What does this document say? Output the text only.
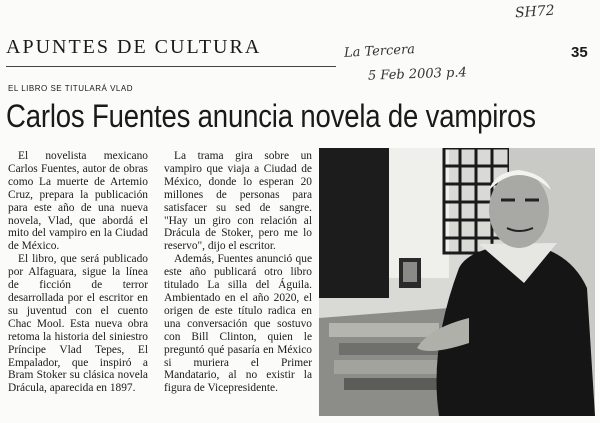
APUNTES DE CULTURA
SH72
La Tercera
5 Feb 2003 p.4
35
EL LIBRO SE TITULARÁ VLAD
Carlos Fuentes anuncia novela de vampiros

El novelista mexicano Carlos Fuentes, autor de obras como La muerte de Artemio Cruz, prepara la publicación para este año de una nueva novela, Vlad, que abordá el mito del vampiro en la Ciudad de México.

El libro, que será publicado por Alfaguara, sigue la línea de ficción de terror desarrollada por el escritor en su juventud con el cuento Chac Mool. Esta nueva obra retoma la historia del siniestro Príncipe Vlad Tepes, El Empalador, que inspiró a Bram Stoker su clásica novela Drácula, aparecida en 1897.

La trama gira sobre un vampiro que viaja a Ciudad de México, donde lo esperan 20 millones de personas para satisfacer su sed de sangre. "Hay un giro con relación al Drácula de Stoker, pero me lo reservo", dijo el escritor.

Además, Fuentes anunció que este año publicará otro libro titulado La silla del Águila. Ambientado en el año 2020, el origen de este título radica en una conversación que sostuvo con Bill Clinton, quien le preguntó qué pasaría en México si muriera el Primer Mandatario, al no existir la figura de Vicepresidente.
